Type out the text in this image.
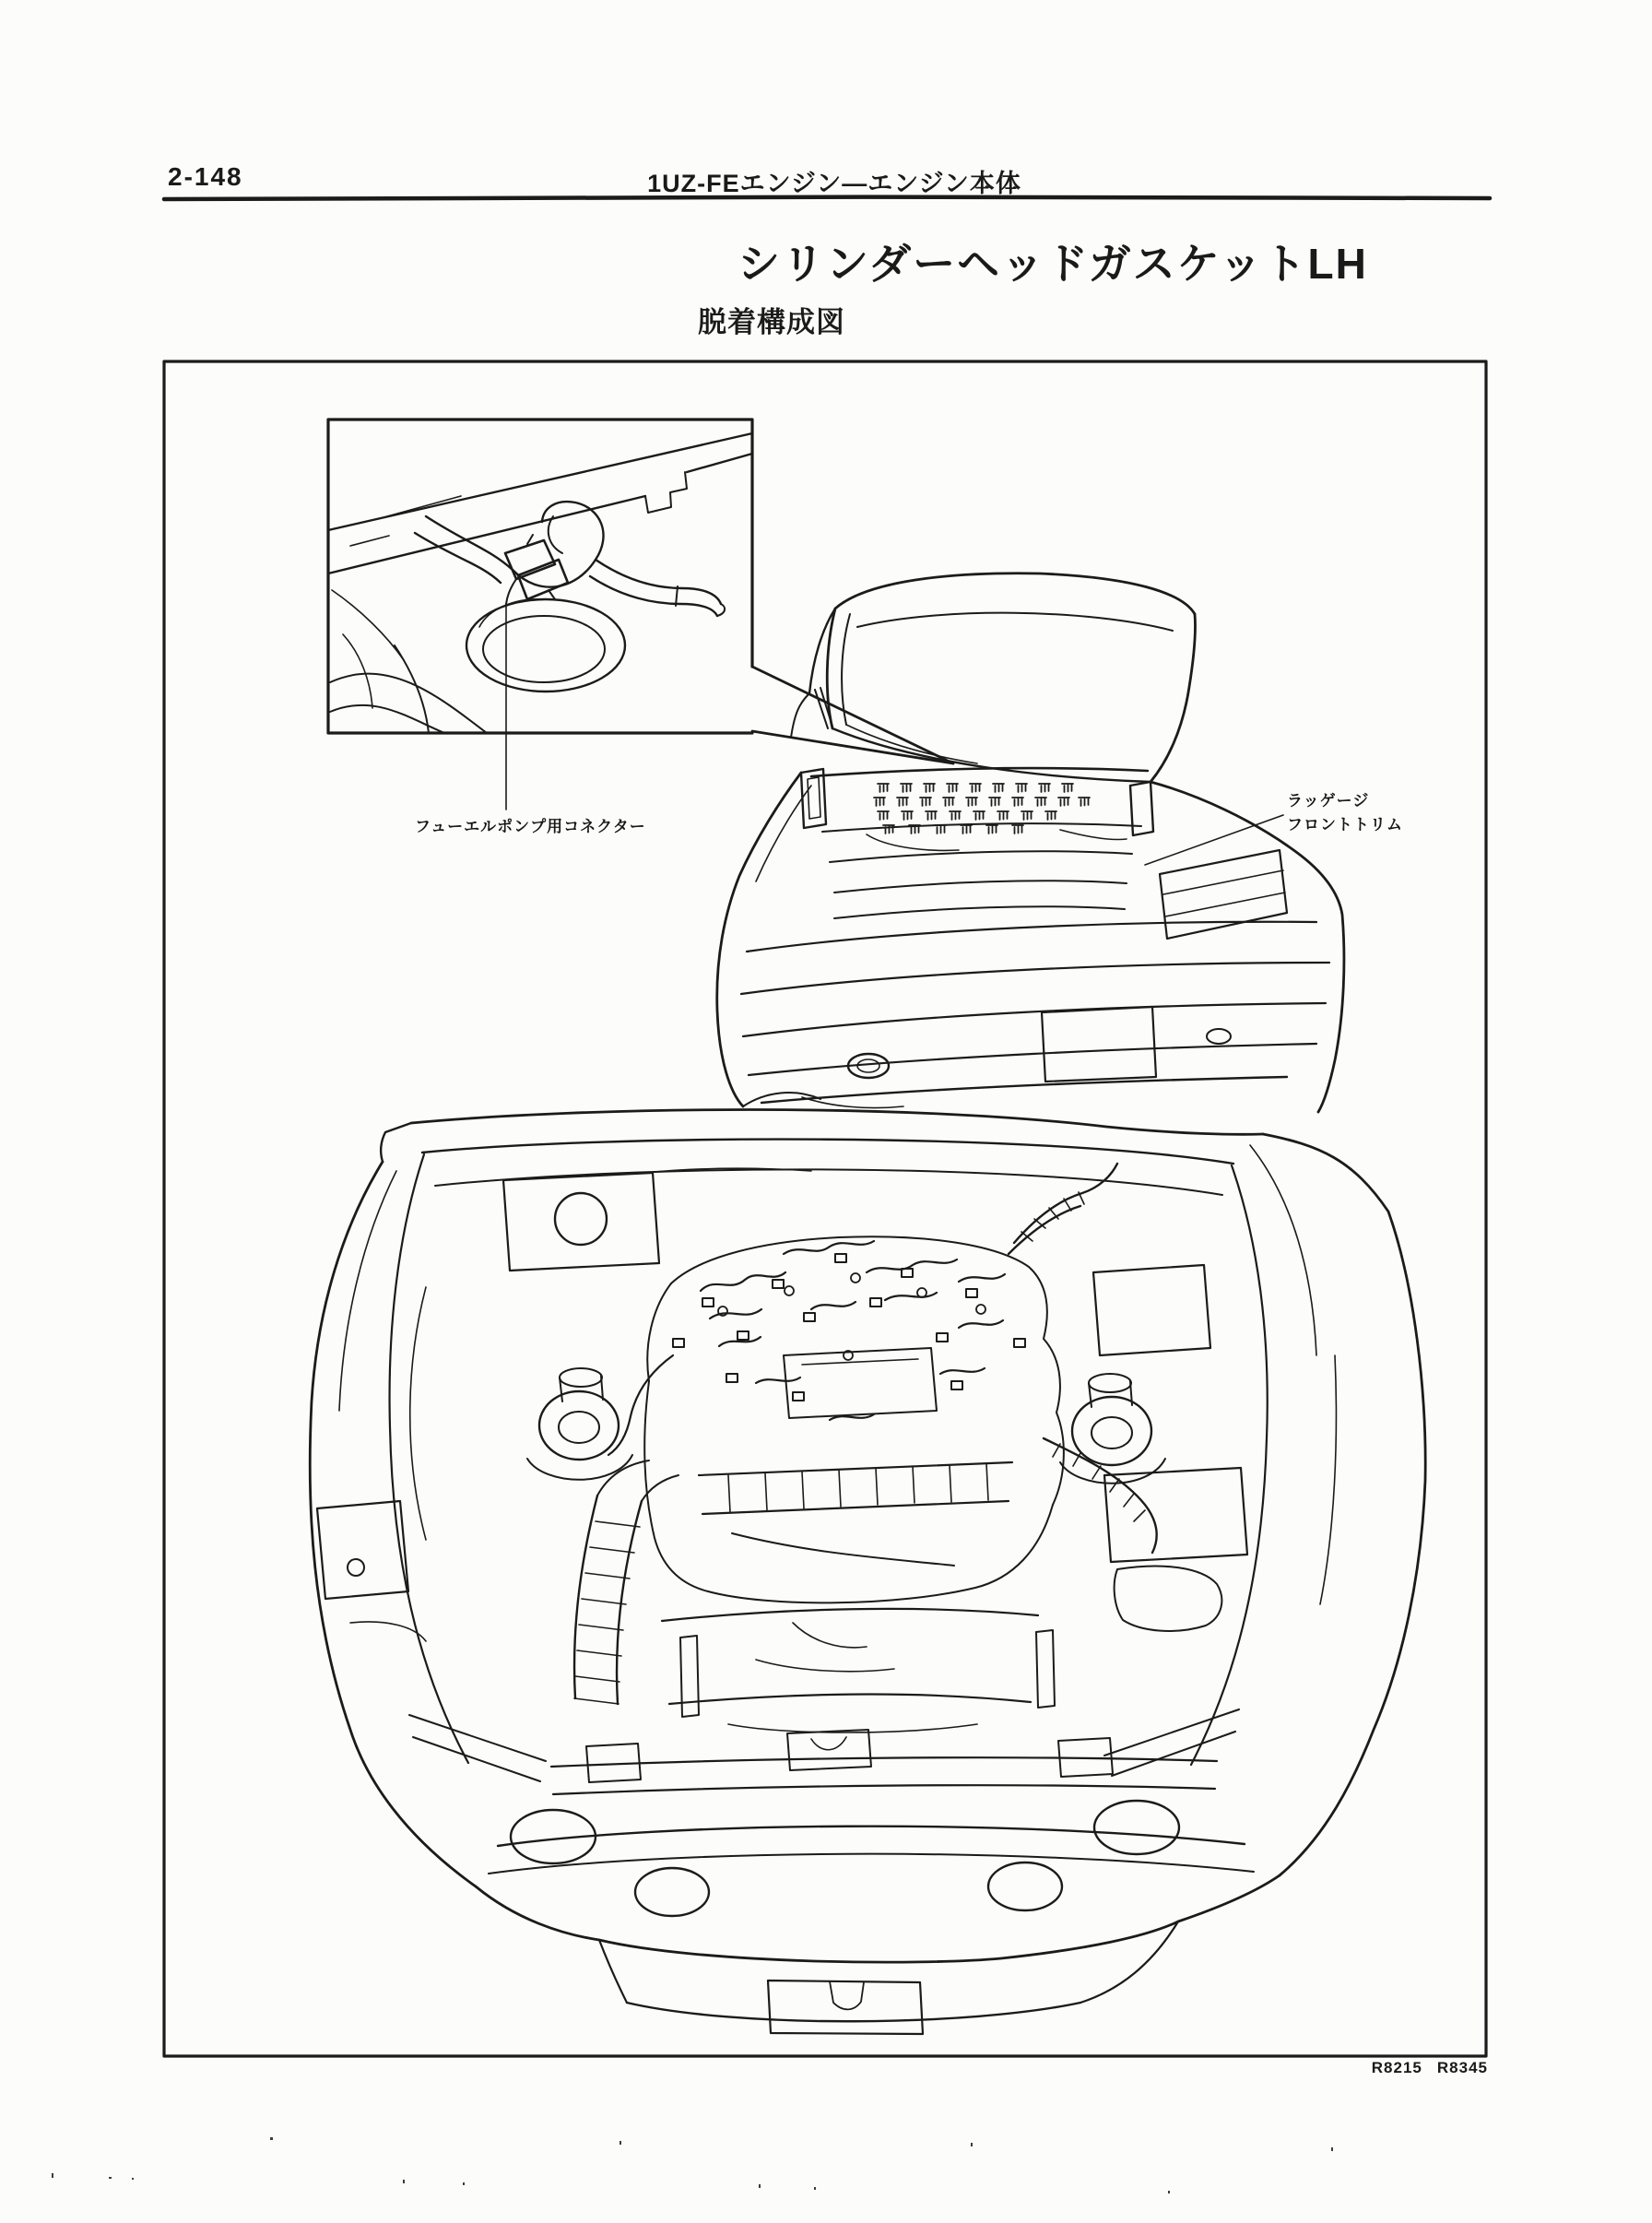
2-148	1UZ-FEエンジン―エンジン本体
シリンダーヘッドガスケットLH
脱着構成図
フューエルポンプ用コネクター
ラッゲージ
フロントトリム
R8215 R8345
